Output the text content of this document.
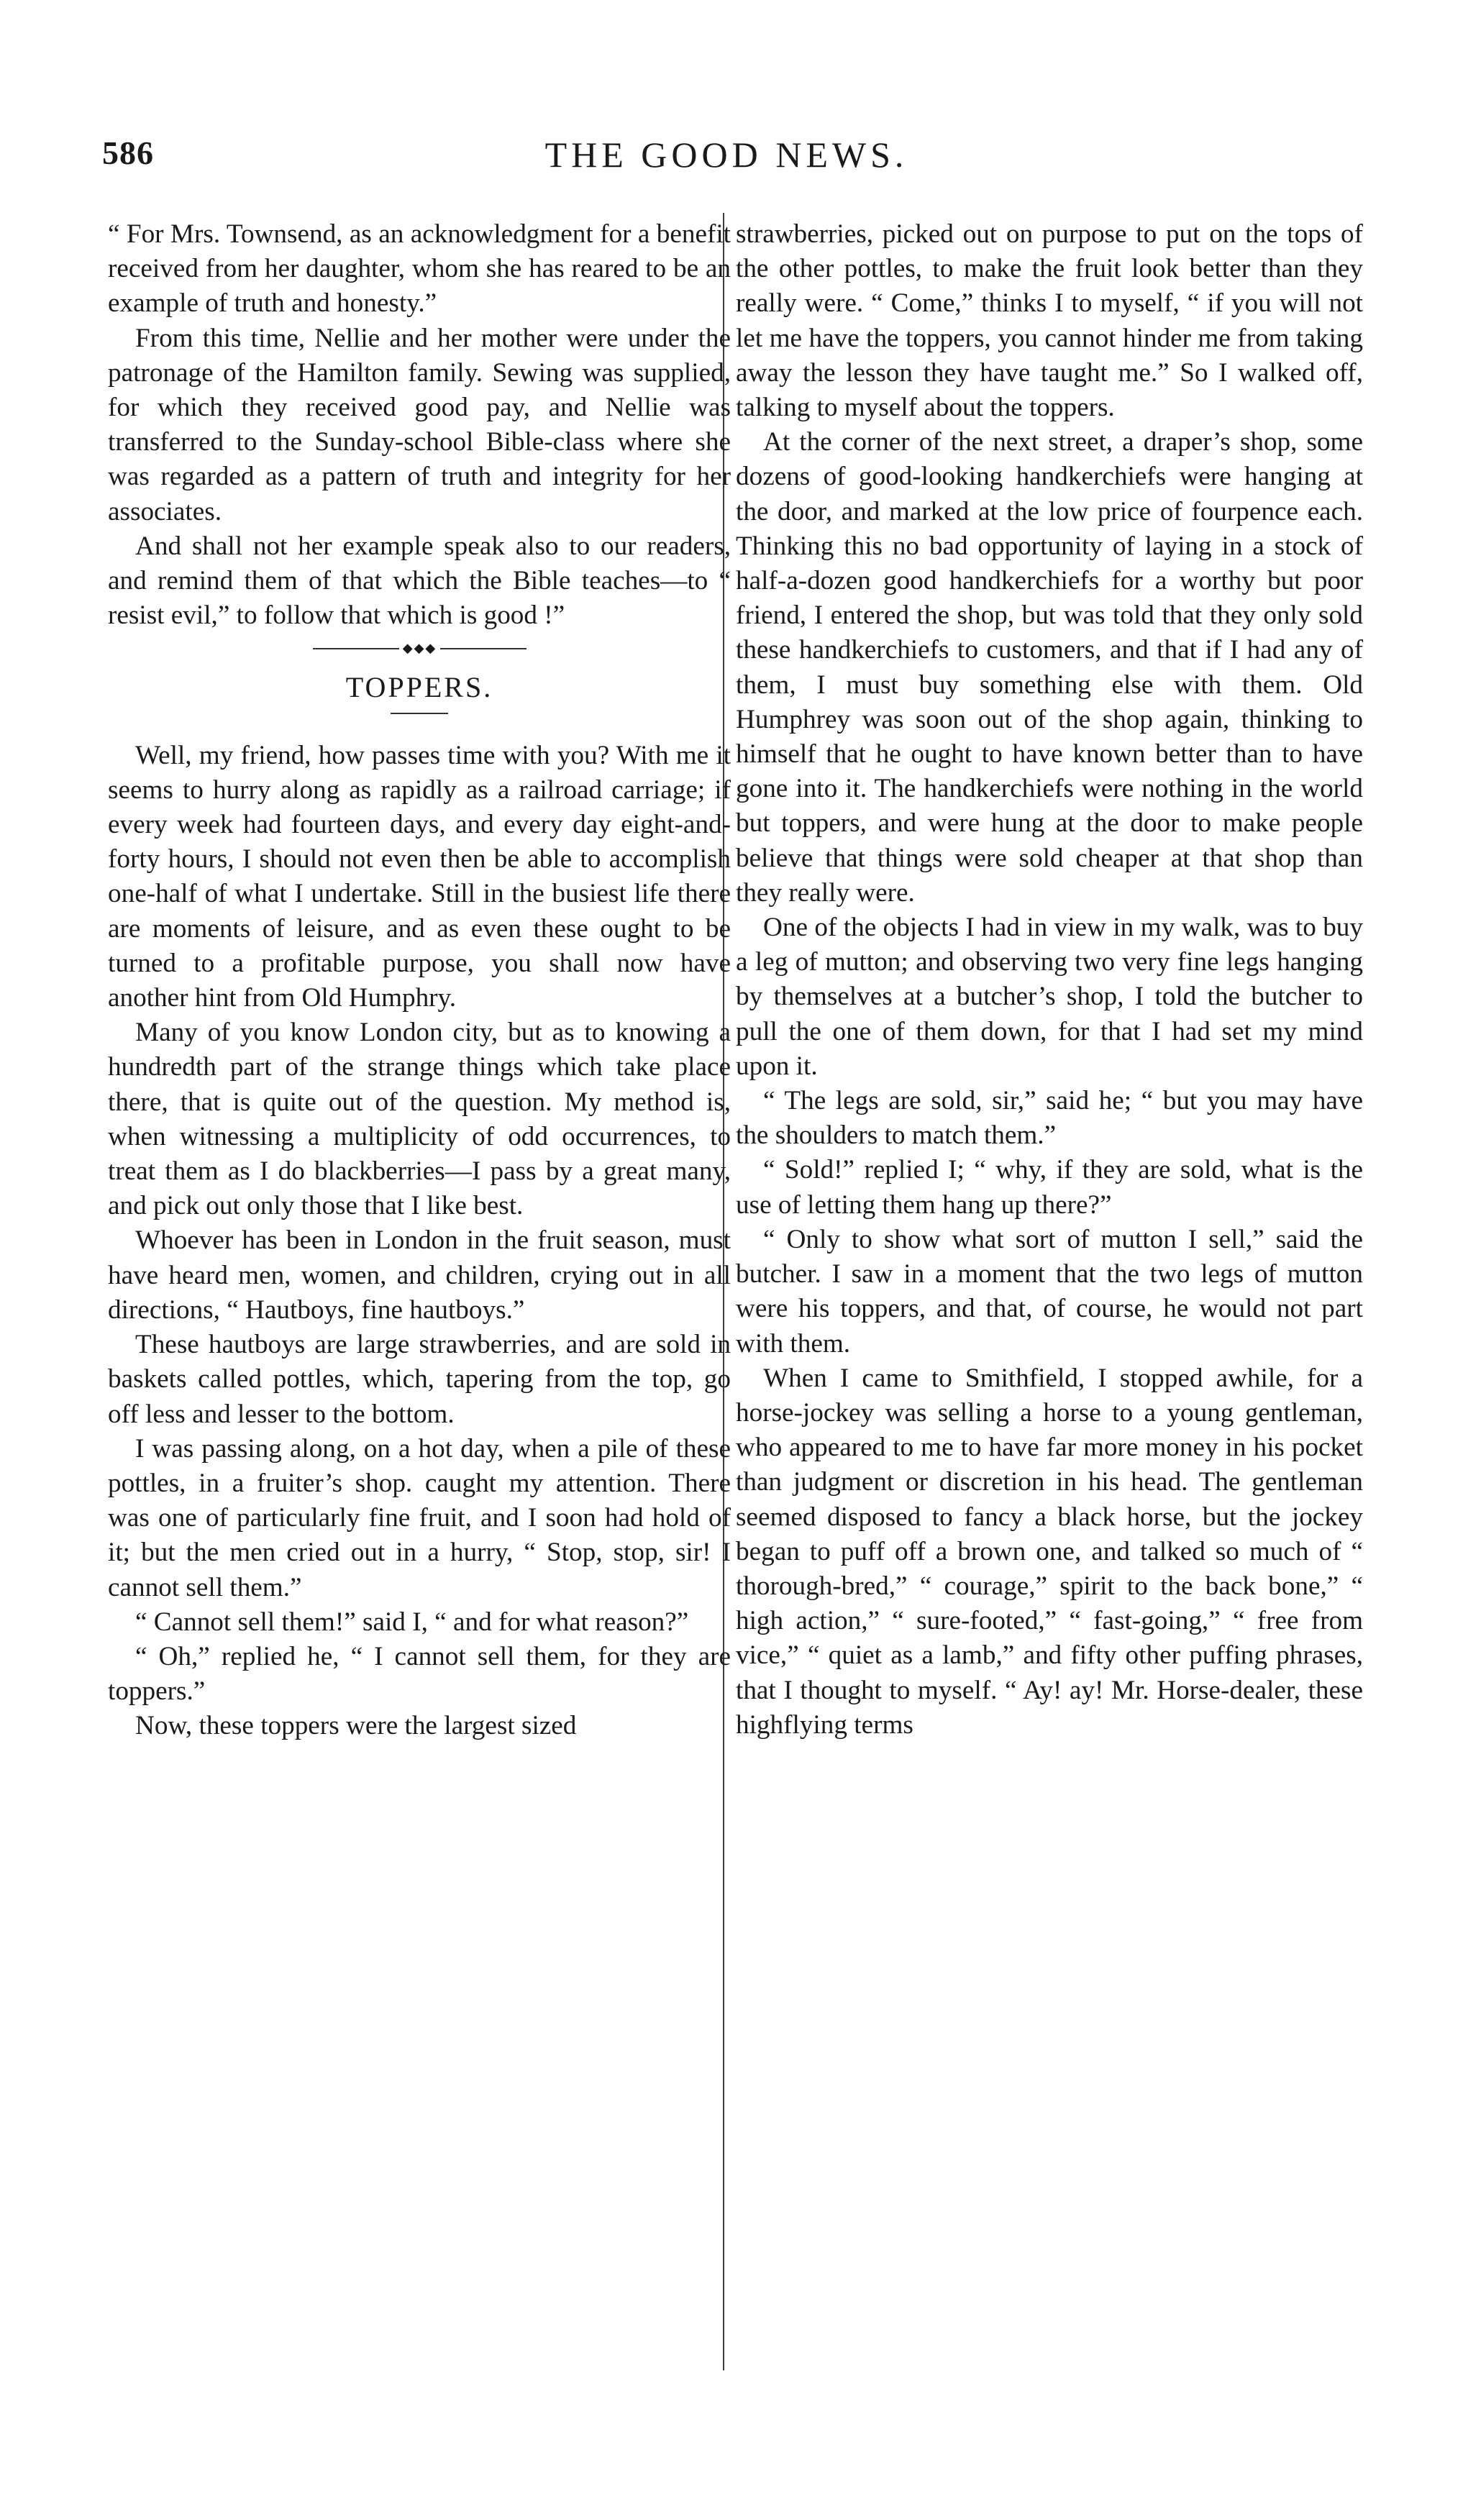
586	THE GOOD NEWS.

“ For Mrs. Townsend, as an acknowledgment for a benefit received from her daughter, whom she has reared to be an example of truth and honesty.”

From this time, Nellie and her mother were under the patronage of the Hamilton family. Sewing was supplied, for which they received good pay, and Nellie was transferred to the Sunday-school Bible-class where she was regarded as a pattern of truth and integrity for her associates.

And shall not her example speak also to our readers, and remind them of that which the Bible teaches—to “ resist evil,” to follow that which is good !”

◆◆◆

TOPPERS.

Well, my friend, how passes time with you? With me it seems to hurry along as rapidly as a railroad carriage; if every week had fourteen days, and every day eight-and-forty hours, I should not even then be able to accomplish one-half of what I undertake. Still in the busiest life there are moments of leisure, and as even these ought to be turned to a profitable purpose, you shall now have another hint from Old Humphry.

Many of you know London city, but as to knowing a hundredth part of the strange things which take place there, that is quite out of the question. My method is, when witnessing a multiplicity of odd occurrences, to treat them as I do blackberries—I pass by a great many, and pick out only those that I like best.

Whoever has been in London in the fruit season, must have heard men, women, and children, crying out in all directions, “ Hautboys, fine hautboys.”

These hautboys are large strawberries, and are sold in baskets called pottles, which, tapering from the top, go off less and lesser to the bottom.

I was passing along, on a hot day, when a pile of these pottles, in a fruiter’s shop. caught my attention. There was one of particularly fine fruit, and I soon had hold of it; but the men cried out in a hurry, “ Stop, stop, sir! I cannot sell them.”

“ Cannot sell them!” said I, “ and for what reason?”

“ Oh,” replied he, “ I cannot sell them, for they are toppers.”

Now, these toppers were the largest sized

strawberries, picked out on purpose to put on the tops of the other pottles, to make the fruit look better than they really were. “ Come,” thinks I to myself, “ if you will not let me have the toppers, you cannot hinder me from taking away the lesson they have taught me.” So I walked off, talking to myself about the toppers.

At the corner of the next street, a draper’s shop, some dozens of good-looking handkerchiefs were hanging at the door, and marked at the low price of fourpence each. Thinking this no bad opportunity of laying in a stock of half-a-dozen good handkerchiefs for a worthy but poor friend, I entered the shop, but was told that they only sold these handkerchiefs to customers, and that if I had any of them, I must buy something else with them. Old Humphrey was soon out of the shop again, thinking to himself that he ought to have known better than to have gone into it. The handkerchiefs were nothing in the world but toppers, and were hung at the door to make people believe that things were sold cheaper at that shop than they really were.

One of the objects I had in view in my walk, was to buy a leg of mutton; and observing two very fine legs hanging by themselves at a butcher’s shop, I told the butcher to pull the one of them down, for that I had set my mind upon it.

“ The legs are sold, sir,” said he; “ but you may have the shoulders to match them.”

“ Sold!” replied I; “ why, if they are sold, what is the use of letting them hang up there?”

“ Only to show what sort of mutton I sell,” said the butcher. I saw in a moment that the two legs of mutton were his toppers, and that, of course, he would not part with them.

When I came to Smithfield, I stopped awhile, for a horse-jockey was selling a horse to a young gentleman, who appeared to me to have far more money in his pocket than judgment or discretion in his head. The gentleman seemed disposed to fancy a black horse, but the jockey began to puff off a brown one, and talked so much of “ thorough-bred,” “ courage,” spirit to the back bone,” “ high action,” “ sure-footed,” “ fast-going,” “ free from vice,” “ quiet as a lamb,” and fifty other puffing phrases, that I thought to myself. “ Ay! ay! Mr. Horse-dealer, these highflying terms
